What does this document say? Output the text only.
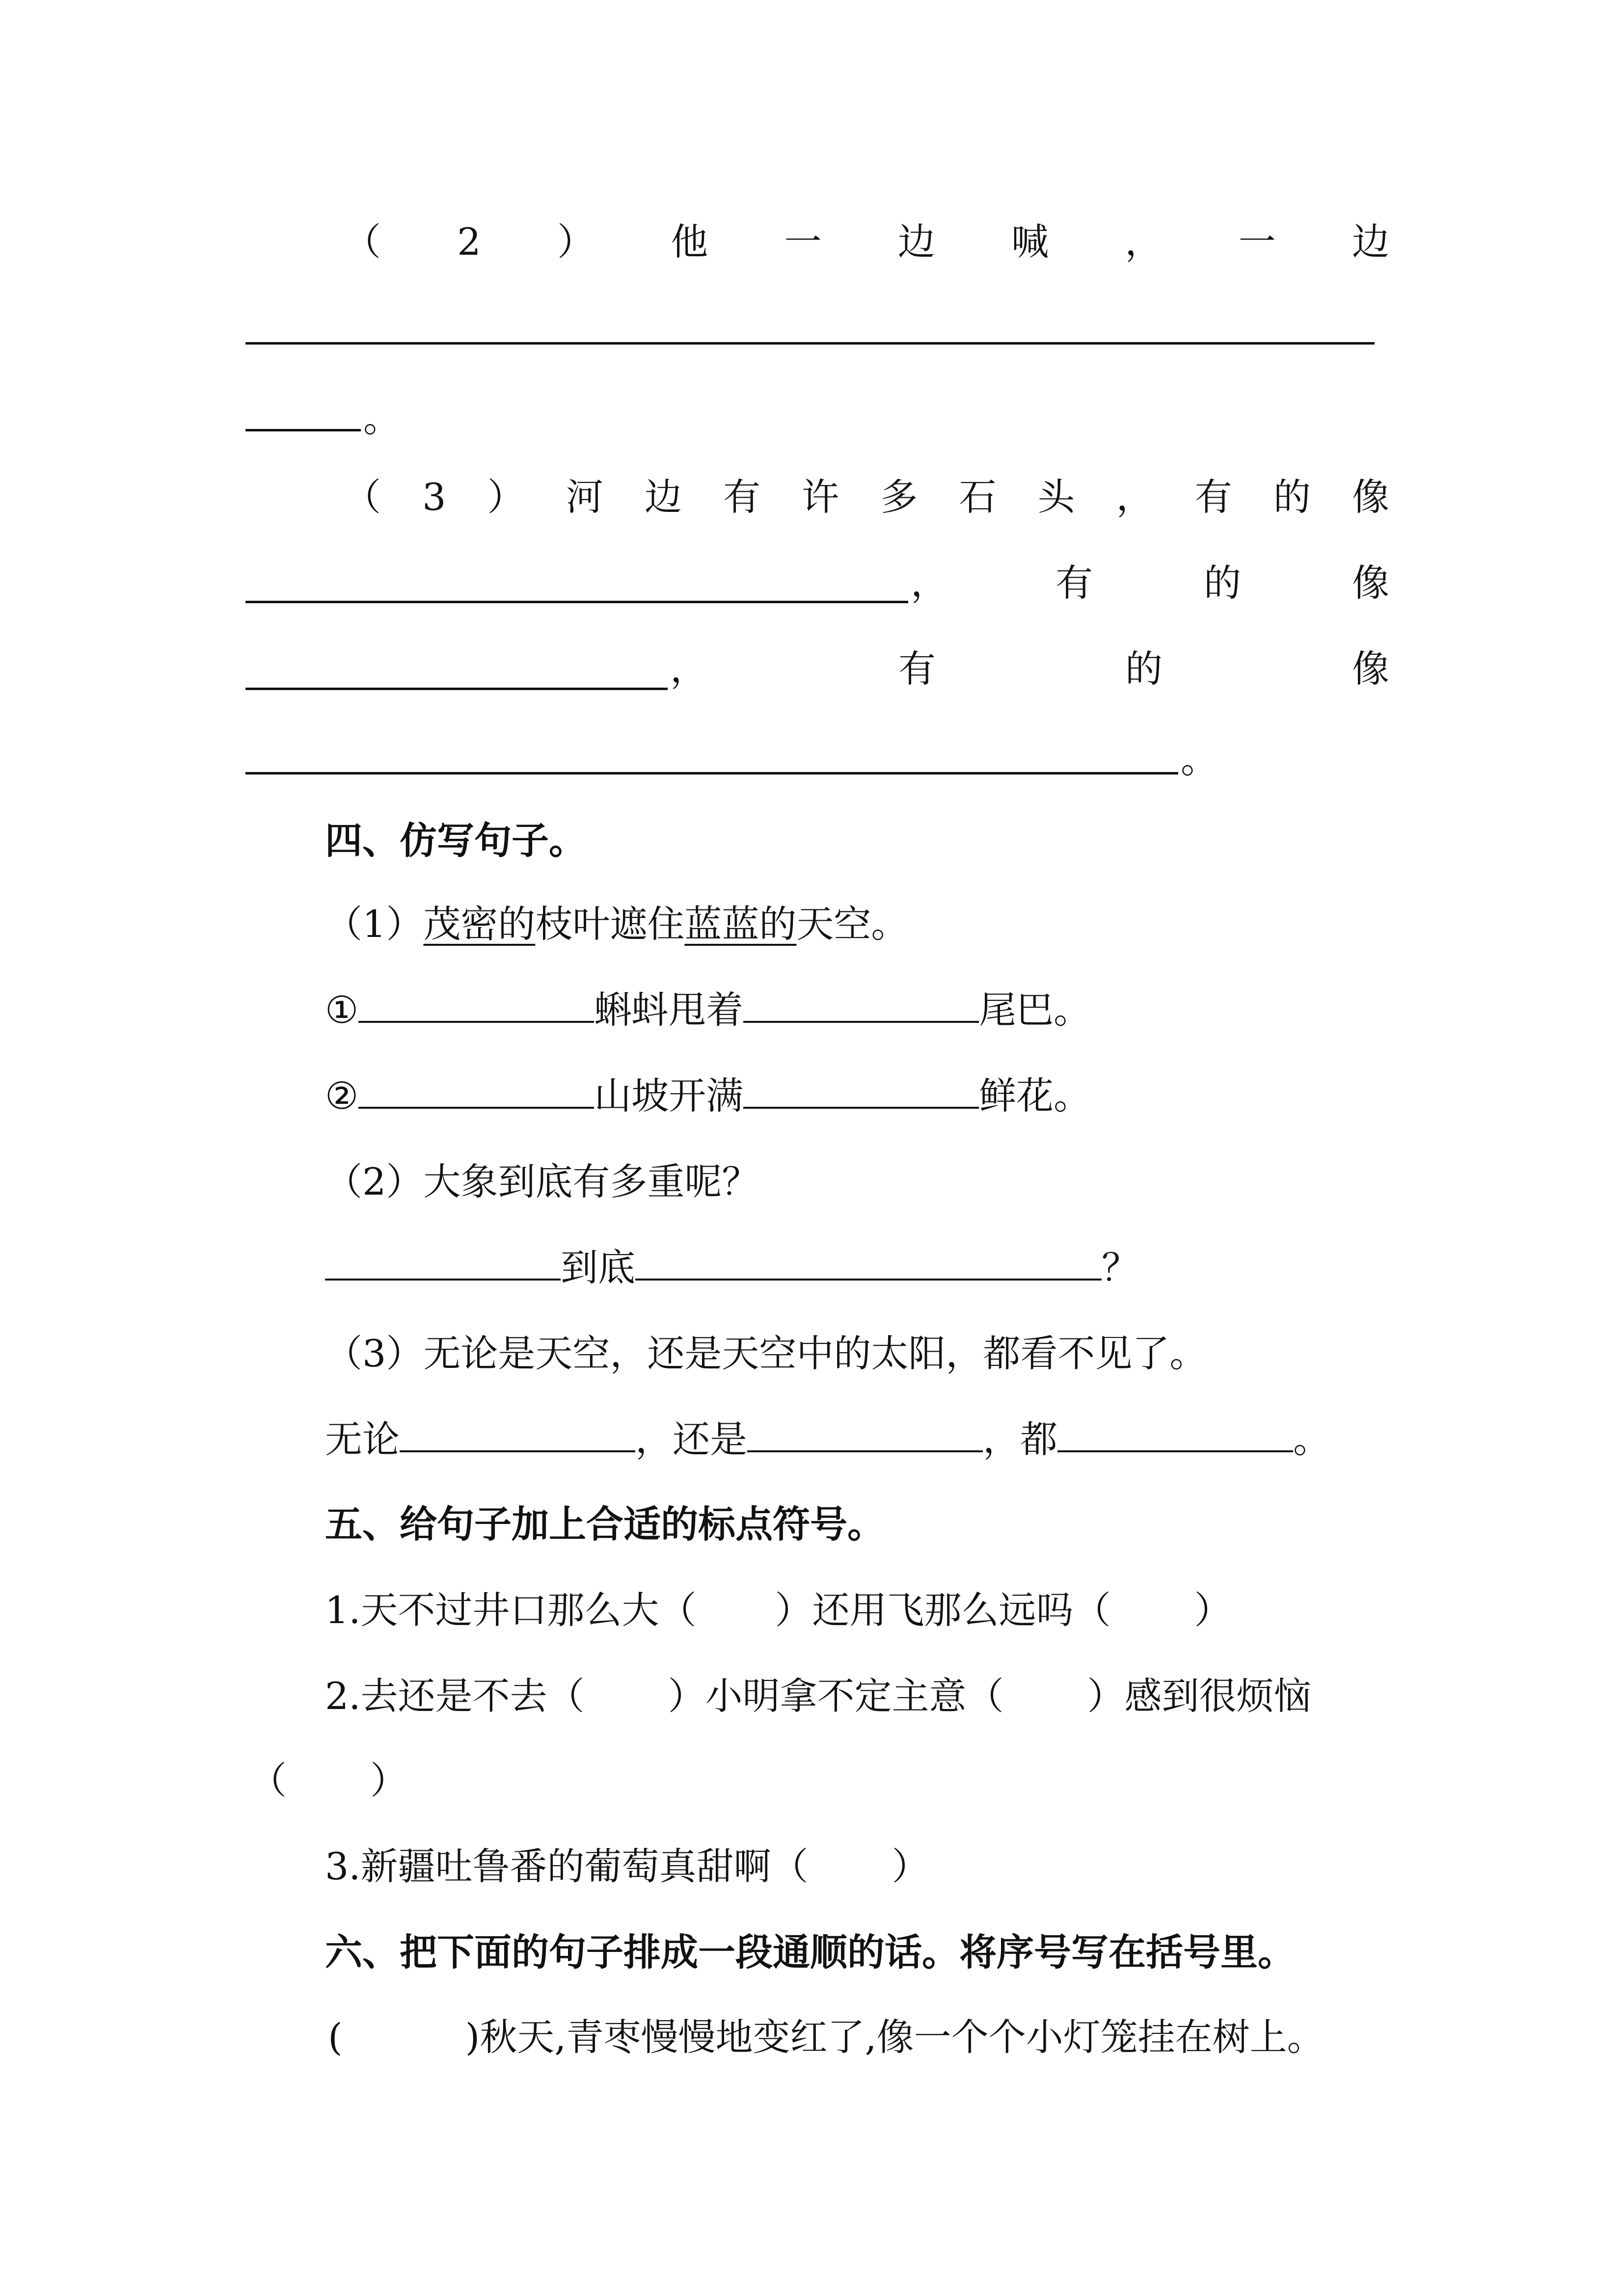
（ 2 ） 他 一 边 喊 ， 一 边
。
（ 3 ） 河 边 有 许 多 石 头 ， 有 的 像
，	有	的	像
，	有	的	像
。
四、仿写句子。
（1）茂密的枝叶遮住蓝蓝的天空。
①	蝌蚪甩着	尾巴。
②	山坡开满	鲜花。
（2）大象到底有多重呢？
到底	？
（3）无论是天空，还是天空中的太阳，都看不见了。
无论	，还是	，都	。
五、给句子加上合适的标点符号。
1.天不过井口那么大（ ）还用飞那么远吗（ ）
2.去还是不去（ ）小明拿不定主意（ ）感到很烦恼
（ ）
3.新疆吐鲁番的葡萄真甜啊（ ）
六、把下面的句子排成一段通顺的话。将序号写在括号里。
(	)秋天,青枣慢慢地变红了,像一个个小灯笼挂在树上。
